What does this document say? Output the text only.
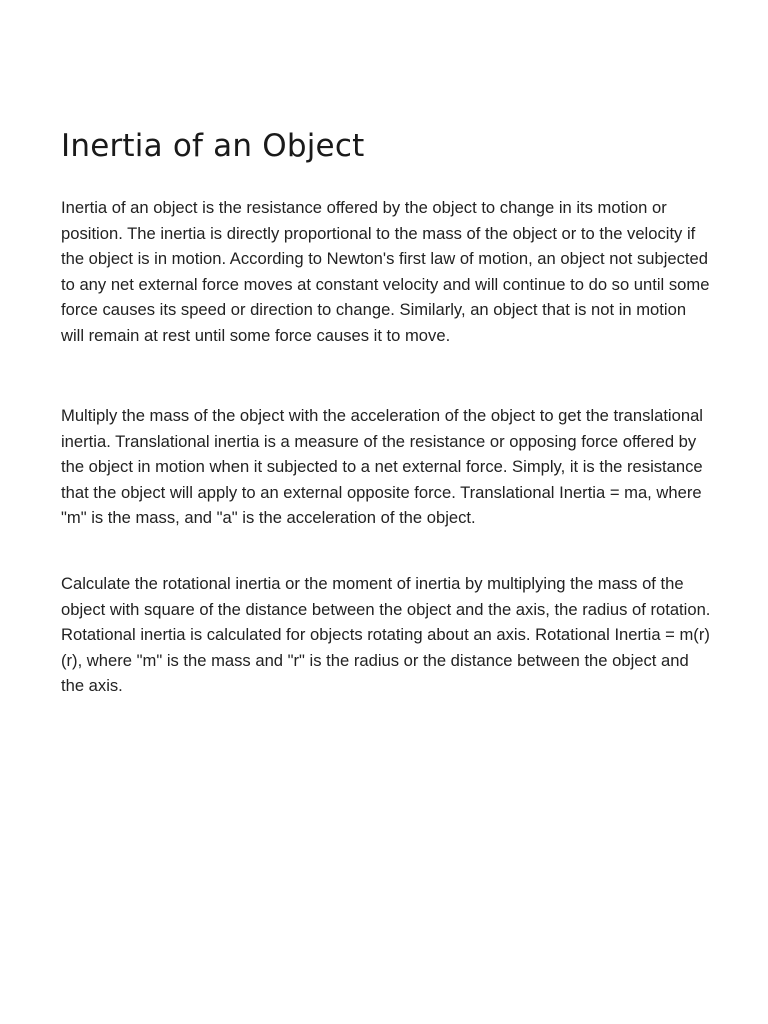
Inertia of an Object

Inertia of an object is the resistance offered by the object to change in its motion or position. The inertia is directly proportional to the mass of the object or to the velocity if the object is in motion. According to Newton's first law of motion, an object not subjected to any net external force moves at constant velocity and will continue to do so until some force causes its speed or direction to change. Similarly, an object that is not in motion will remain at rest until some force causes it to move.

Multiply the mass of the object with the acceleration of the object to get the translational inertia. Translational inertia is a measure of the resistance or opposing force offered by the object in motion when it subjected to a net external force. Simply, it is the resistance that the object will apply to an external opposite force. Translational Inertia = ma, where "m" is the mass, and "a" is the acceleration of the object.

Calculate the rotational inertia or the moment of inertia by multiplying the mass of the object with square of the distance between the object and the axis, the radius of rotation. Rotational inertia is calculated for objects rotating about an axis. Rotational Inertia = m(r)(r), where "m" is the mass and "r" is the radius or the distance between the object and the axis.
